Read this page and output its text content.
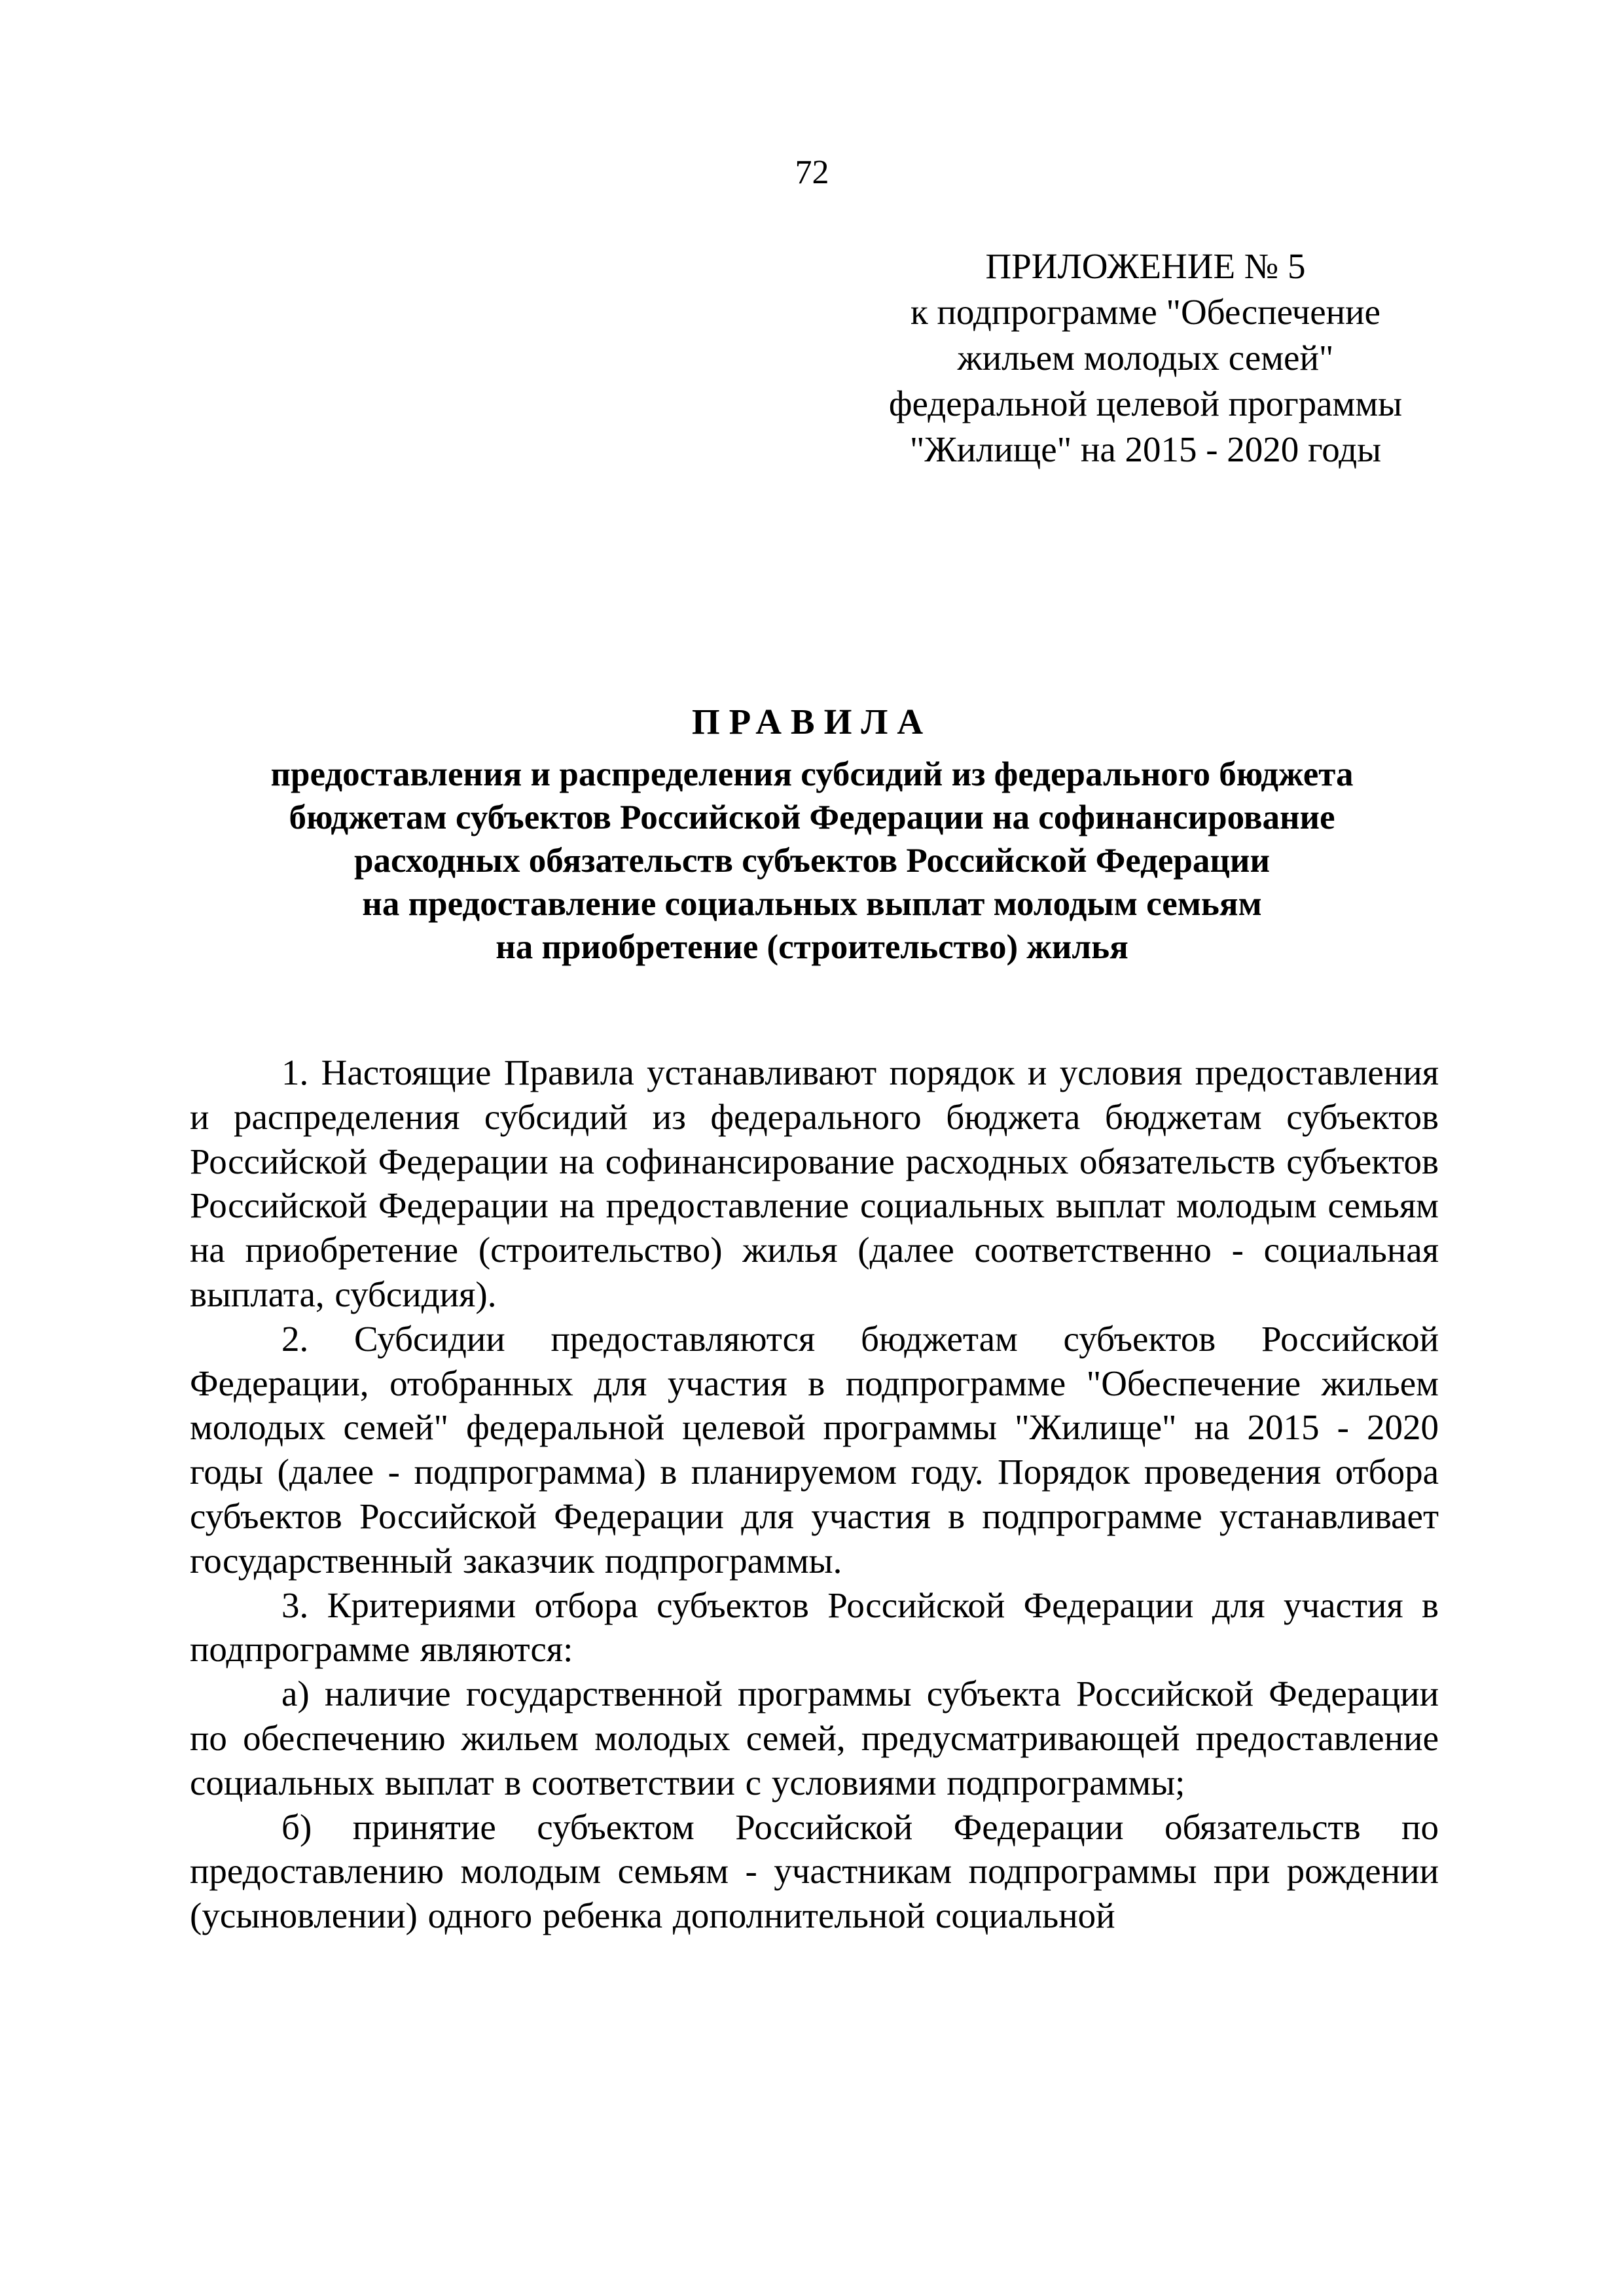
72
ПРИЛОЖЕНИЕ № 5
к подпрограмме "Обеспечение
жильем молодых семей"
федеральной целевой программы
"Жилище" на 2015 - 2020 годы
ПРАВИЛА
предоставления и распределения субсидий из федерального бюджета
бюджетам субъектов Российской Федерации на софинансирование
расходных обязательств субъектов Российской Федерации
на предоставление социальных выплат молодым семьям
на приобретение (строительство) жилья

1. Настоящие Правила устанавливают порядок и условия предоставления и распределения субсидий из федерального бюджета бюджетам субъектов Российской Федерации на софинансирование расходных обязательств субъектов Российской Федерации на предоставление социальных выплат молодым семьям на приобретение (строительство) жилья (далее соответственно - социальная выплата, субсидия).

2. Субсидии предоставляются бюджетам субъектов Российской Федерации, отобранных для участия в подпрограмме "Обеспечение жильем молодых семей" федеральной целевой программы "Жилище" на 2015 - 2020 годы (далее - подпрограмма) в планируемом году. Порядок проведения отбора субъектов Российской Федерации для участия в подпрограмме устанавливает государственный заказчик подпрограммы.

3. Критериями отбора субъектов Российской Федерации для участия в подпрограмме являются:

а) наличие государственной программы субъекта Российской Федерации по обеспечению жильем молодых семей, предусматривающей предоставление социальных выплат в соответствии с условиями подпрограммы;

б) принятие субъектом Российской Федерации обязательств по предоставлению молодым семьям - участникам подпрограммы при рождении (усыновлении) одного ребенка дополнительной социальной
